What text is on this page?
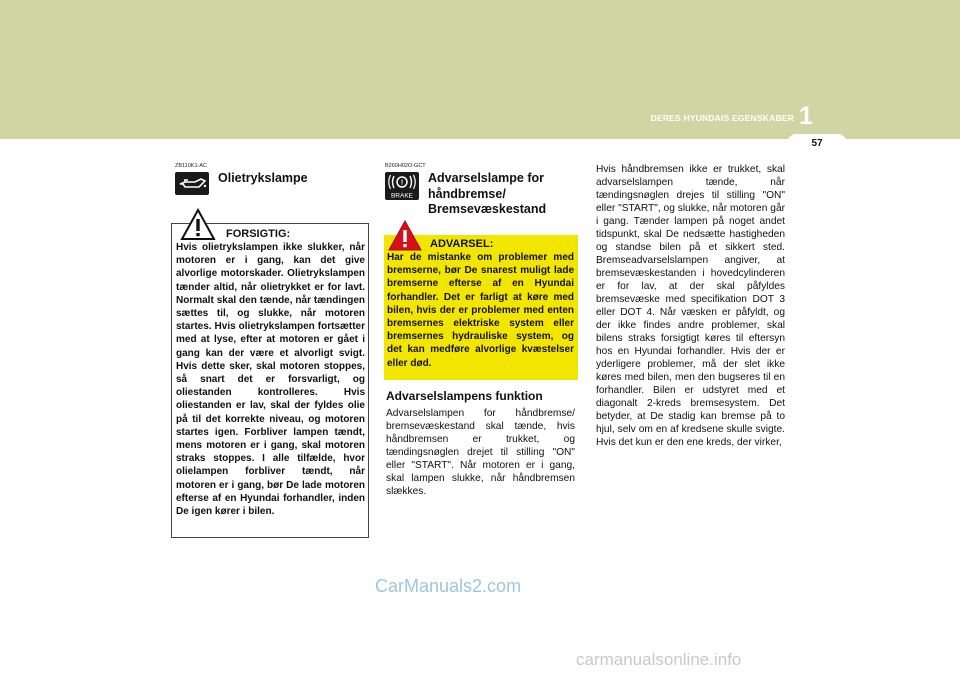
DERES HYUNDAIS EGENSKABER 1
57
ZB110K1-AC
Olietrykslampe
FORSIGTIG:
Hvis olietrykslampen ikke slukker, når motoren er i gang, kan det give alvorlige motorskader. Olietrykslampen tænder altid, når olietrykket er for lavt. Normalt skal den tænde, når tændingen sættes til, og slukke, når motoren startes. Hvis olietrykslampen fortsætter med at lyse, efter at motoren er gået i gang kan der være et alvorligt svigt. Hvis dette sker, skal motoren stoppes, så snart det er forsvarligt, og oliestanden kontrolleres. Hvis oliestanden er lav, skal der fyldes olie på til det korrekte niveau, og motoren startes igen. Forbliver lampen tændt, mens motoren er i gang, skal motoren straks stoppes. I alle tilfælde, hvor olielampen forbliver tændt, når motoren er i gang, bør De lade motoren efterse af en Hyundai forhandler, inden De igen kører i bilen.
B260H02O-GCT
!
BRAKE
Advarselslampe for
håndbremse/
Bremsevæskestand
ADVARSEL:
Har de mistanke om problemer med bremserne, bør De snarest muligt lade bremserne efterse af en Hyundai forhandler. Det er farligt at køre med bilen, hvis der er problemer med enten bremsernes elektriske system eller bremsernes hydrauliske system, og det kan medføre alvorlige kvæstelser eller død.
Advarselslampens funktion
Advarselslampen for håndbremse/ bremsevæskestand skal tænde, hvis håndbremsen er trukket, og tændingsnøglen drejet til stilling "ON" eller "START". Når motoren er i gang, skal lampen slukke, når håndbremsen slækkes.
Hvis håndbremsen ikke er trukket, skal advarselslampen tænde, når tændingsnøglen drejes til stilling "ON" eller "START", og slukke, når motoren går i gang. Tænder lampen på noget andet tidspunkt, skal De nedsætte hastigheden og standse bilen på et sikkert sted. Bremseadvarselslampen angiver, at bremsevæskestanden i hovedcylinderen er for lav, at der skal påfyldes bremsevæske med specifikation DOT 3 eller DOT 4. Når væsken er påfyldt, og der ikke findes andre problemer, skal bilens straks forsigtigt køres til eftersyn hos en Hyundai forhandler. Hvis der er yderligere problemer, må der slet ikke køres med bilen, men den bugseres til en forhandler. Bilen er udstyret med et diagonalt 2-kreds bremsesystem. Det betyder, at De stadig kan bremse på to hjul, selv om en af kredsene skulle svigte. Hvis det kun er den ene kreds, der virker,
CarManuals2.com
carmanualsonline.info
